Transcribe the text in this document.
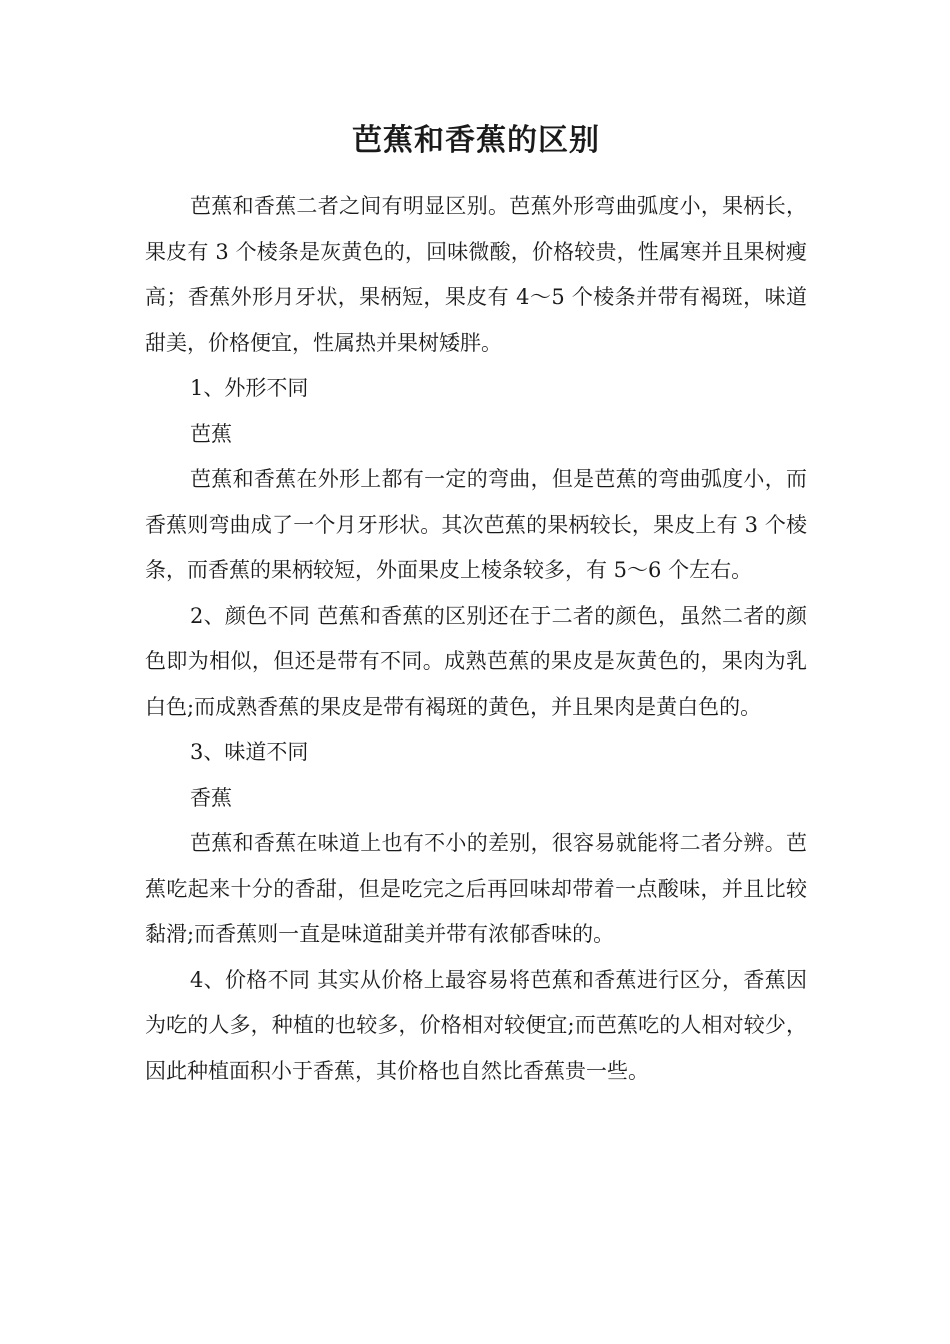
芭蕉和香蕉的区别

芭蕉和香蕉二者之间有明显区别。芭蕉外形弯曲弧度小，果柄长，果皮有 3 个棱条是灰黄色的，回味微酸，价格较贵，性属寒并且果树瘦高；香蕉外形月牙状，果柄短，果皮有 4～5 个棱条并带有褐斑，味道甜美，价格便宜，性属热并果树矮胖。

1、外形不同

芭蕉

芭蕉和香蕉在外形上都有一定的弯曲，但是芭蕉的弯曲弧度小，而香蕉则弯曲成了一个月牙形状。其次芭蕉的果柄较长，果皮上有 3 个棱条，而香蕉的果柄较短，外面果皮上棱条较多，有 5～6 个左右。

2、颜色不同 芭蕉和香蕉的区别还在于二者的颜色，虽然二者的颜色即为相似，但还是带有不同。成熟芭蕉的果皮是灰黄色的，果肉为乳白色;而成熟香蕉的果皮是带有褐斑的黄色，并且果肉是黄白色的。

3、味道不同

香蕉

芭蕉和香蕉在味道上也有不小的差别，很容易就能将二者分辨。芭蕉吃起来十分的香甜，但是吃完之后再回味却带着一点酸味，并且比较黏滑;而香蕉则一直是味道甜美并带有浓郁香味的。

4、价格不同 其实从价格上最容易将芭蕉和香蕉进行区分，香蕉因为吃的人多，种植的也较多，价格相对较便宜;而芭蕉吃的人相对较少，因此种植面积小于香蕉，其价格也自然比香蕉贵一些。
